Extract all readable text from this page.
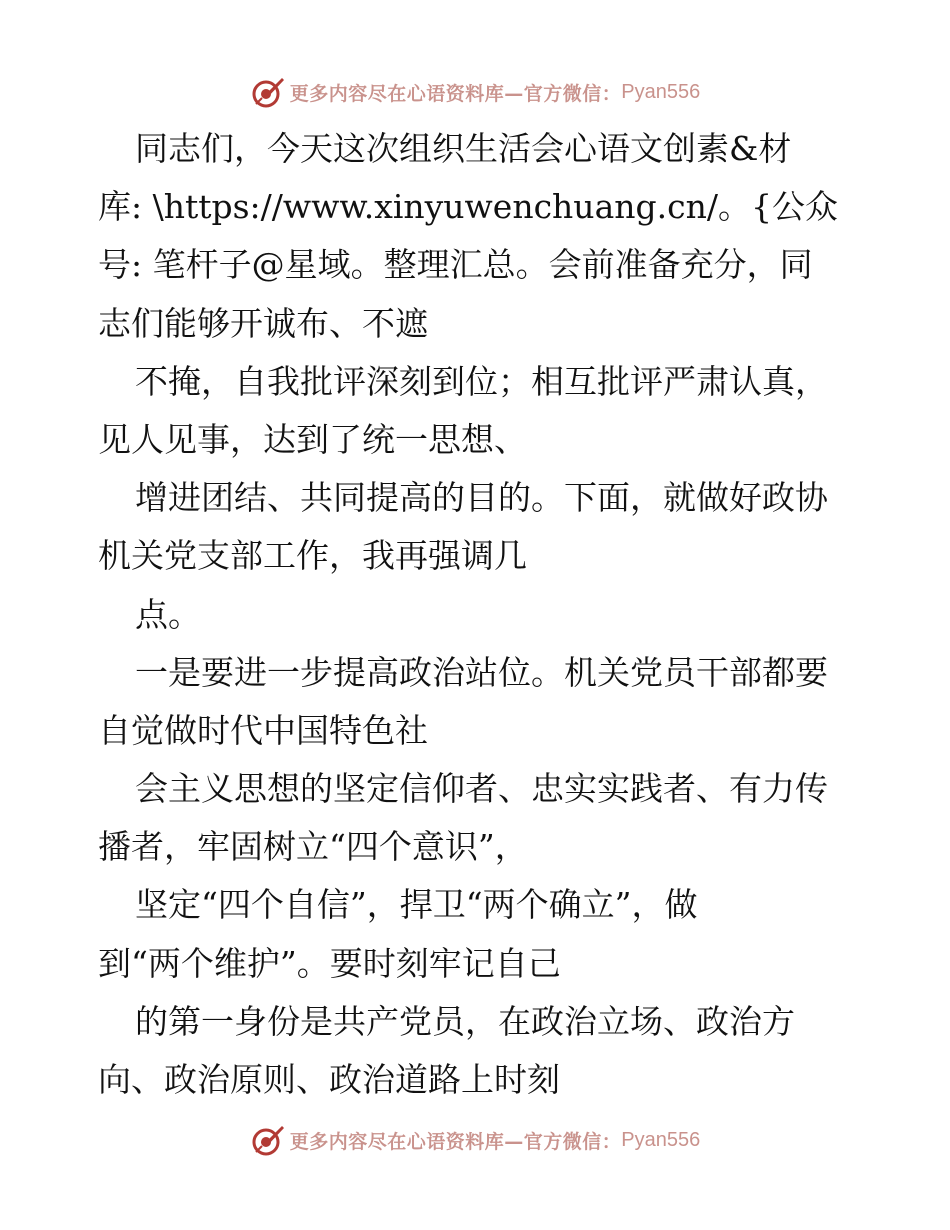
更多内容尽在心语资料库—官方微信： Pyan556
同志们，今天这次组织生活会心语文创素&材
库: \https://www.xinyuwenchuang.cn/。{公众
号: 笔杆子@星域。整理汇总。会前准备充分，同
志们能够开诚布、不遮
不掩，自我批评深刻到位；相互批评严肃认真，
见人见事，达到了统一思想、
增进团结、共同提高的目的。下面，就做好政协
机关党支部工作，我再强调几
点。
一是要进一步提高政治站位。机关党员干部都要
自觉做时代中国特色社
会主义思想的坚定信仰者、忠实实践者、有力传
播者，牢固树立“四个意识”，
坚定“四个自信”，捍卫“两个确立”，做
到“两个维护”。要时刻牢记自己
的第一身份是共产党员，在政治立场、政治方
向、政治原则、政治道路上时刻
更多内容尽在心语资料库—官方微信： Pyan556
